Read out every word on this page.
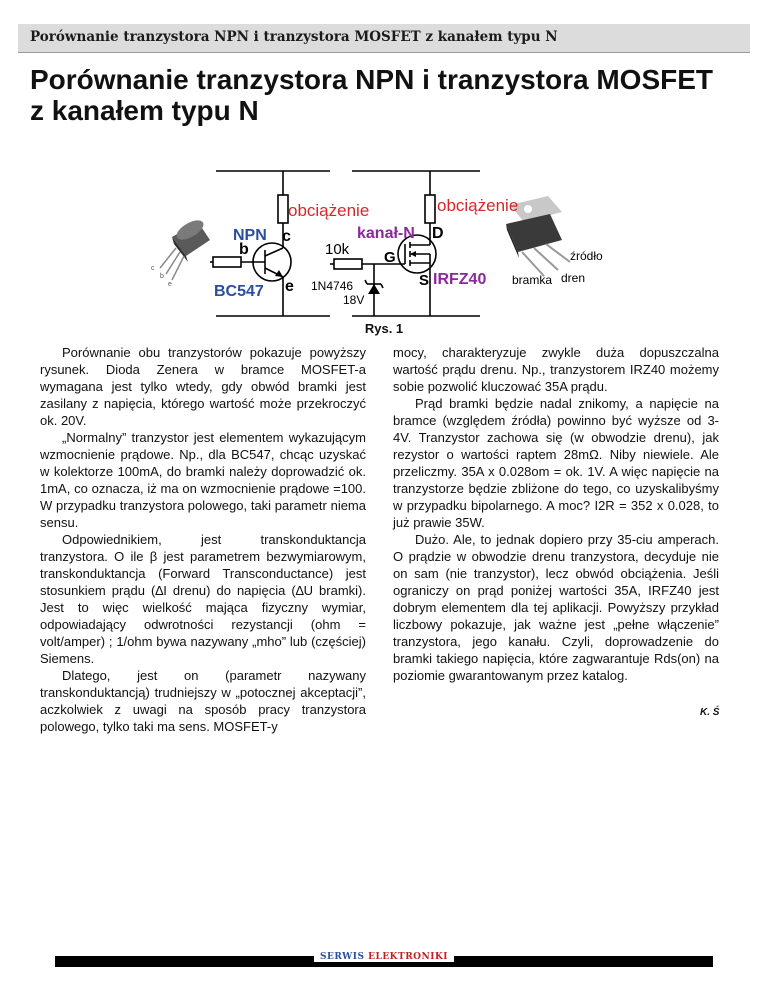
Porównanie tranzystora NPN i tranzystora MOSFET z kanałem typu N
Porównanie tranzystora NPN i tranzystora MOSFET z kanałem typu N
obciążenie	obciążenie
NPN c
b
e
BC547
kanał-N D
G
S
10k
1N4746
18V
IRFZ40
źródło
bramka dren
c
b
e
Rys. 1

Porównanie obu tranzystorów pokazuje powyższy rysunek. Dioda Zenera w bramce MOSFET-a wymagana jest tylko wtedy, gdy obwód bramki jest zasilany z napięcia, którego wartość może przekroczyć ok. 20V.

„Normalny” tranzystor jest elementem wykazującym wzmocnienie prądowe. Np., dla BC547, chcąc uzyskać w kolektorze 100mA, do bramki należy doprowadzić ok. 1mA, co oznacza, iż ma on wzmocnienie prądowe =100. W przypadku tranzystora polowego, taki parametr niema sensu.

Odpowiednikiem, jest transkonduktancja tranzystora. O ile β jest parametrem bezwymiarowym, transkonduktancja (Forward Transconductance) jest stosunkiem prądu (∆I drenu) do napięcia (∆U bramki). Jest to więc wielkość mająca fizyczny wymiar, odpowiadający odwrotności rezystancji (ohm = volt/amper) ; 1/ohm bywa nazywany „mho” lub (częściej) Siemens.

Dlatego, jest on (parametr nazywany transkonduktancją) trudniejszy w „potocznej akceptacji”, aczkolwiek z uwagi na sposób pracy tranzystora polowego, tylko taki ma sens. MOSFET-y

mocy, charakteryzuje zwykle duża dopuszczalna wartość prądu drenu. Np., tranzystorem IRZ40 możemy sobie pozwolić kluczować 35A prądu.

Prąd bramki będzie nadal znikomy, a napięcie na bramce (względem źródła) powinno być wyższe od 3-4V. Tranzystor zachowa się (w obwodzie drenu), jak rezystor o wartości raptem 28mΩ. Niby niewiele. Ale przeliczmy. 35A x 0.028om = ok. 1V. A więc napięcie na tranzystorze będzie zbliżone do tego, co uzyskalibyśmy w przypadku bipolarnego. A moc? I2R = 352 x 0.028, to już prawie 35W.

Dużo. Ale, to jednak dopiero przy 35-ciu amperach. O prądzie w obwodzie drenu tranzystora, decyduje nie on sam (nie tranzystor), lecz obwód obciążenia. Jeśli ograniczy on prąd poniżej wartości 35A, IRFZ40 jest dobrym elementem dla tej aplikacji. Powyższy przykład liczbowy pokazuje, jak ważne jest „pełne włączenie” tranzystora, jego kanału. Czyli, doprowadzenie do bramki takiego napięcia, które zagwarantuje Rds(on) na poziomie gwarantowanym przez katalog.

K. Ś
SERWIS ELEKTRONIKI
